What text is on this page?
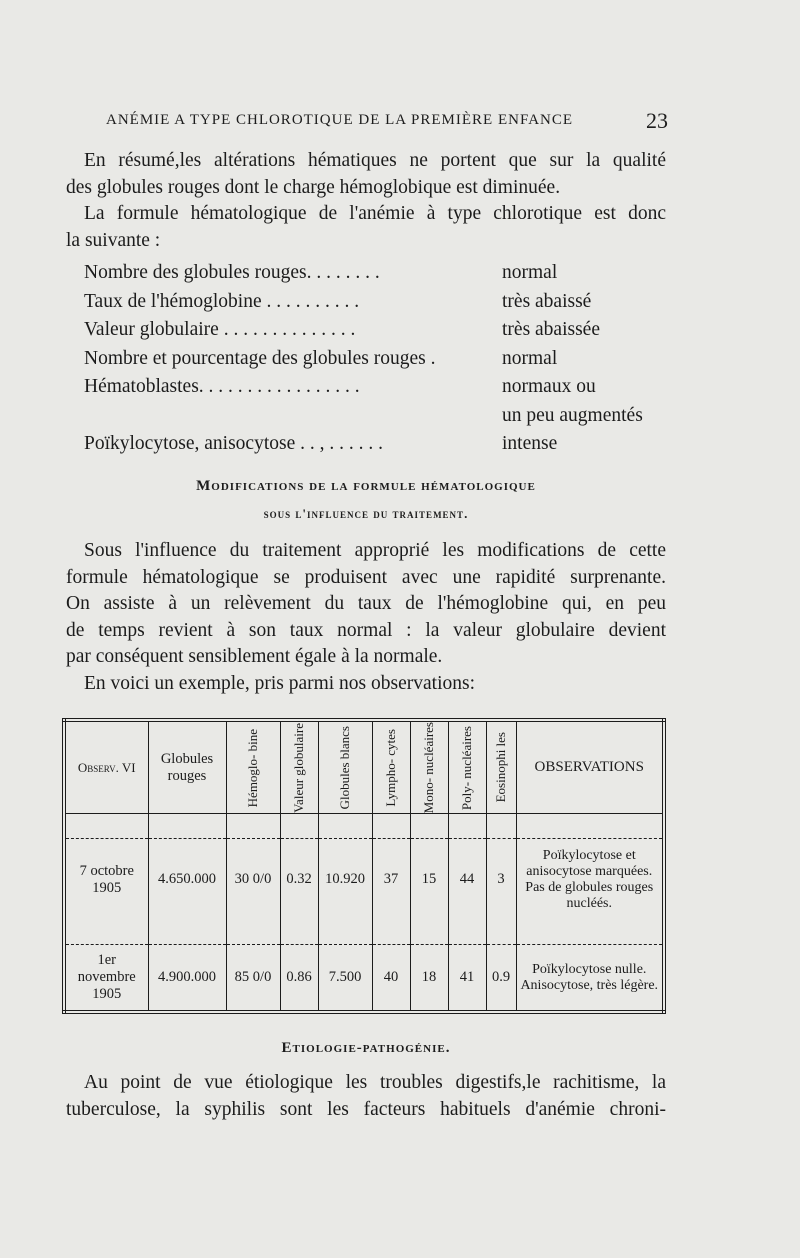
ANÉMIE A TYPE CHLOROTIQUE DE LA PREMIÈRE ENFANCE	23
En résumé,les altérations hématiques ne portent que sur la qualité
des globules rouges dont le charge hémoglobique est diminuée.
La formule hématologique de l'anémie à type chlorotique est donc
la suivante :
Nombre des globules rouges. . . . . . . .	normal
Taux de l'hémoglobine . . . . . . . . . .	très abaissé
Valeur globulaire . . . . . . . . . . . . . .	très abaissée
Nombre et pourcentage des globules rouges .	normal
Hématoblastes. . . . . . . . . . . . . . . . .	normaux ou
un peu augmentés
Poïkylocytose, anisocytose . . , . . . . . .	intense
Modifications de la formule hématologique
sous l'influence du traitement.
Sous l'influence du traitement approprié les modifications de cette
formule hématologique se produisent avec une rapidité surprenante.
On assiste à un relèvement du taux de l'hémoglobine qui, en peu
de temps revient à son taux normal : la valeur globulaire devient
par conséquent sensiblement égale à la normale.
En voici un exemple, pris parmi nos observations:
Observ. VI	Globules rouges	Hémoglo- bine	Valeur globulaire	Globules blancs	Lympho- cytes	Mono- nucléaires	Poly- nucléaires	Eosinophi les	OBSERVATIONS

7 octobre 1905	4.650.000	30 0/0	0.32	10.920	37	15	44	3	Poïkylocytose et anisocytose marquées. Pas de globules rouges nucléés.

1er novembre 1905	4.900.000	85 0/0	0.86	7.500	40	18	41	0.9	Poïkylocytose nulle. Anisocytose, très légère.
Etiologie-pathogénie.
Au point de vue étiologique les troubles digestifs,le rachitisme, la
tuberculose, la syphilis sont les facteurs habituels d'anémie chroni-
